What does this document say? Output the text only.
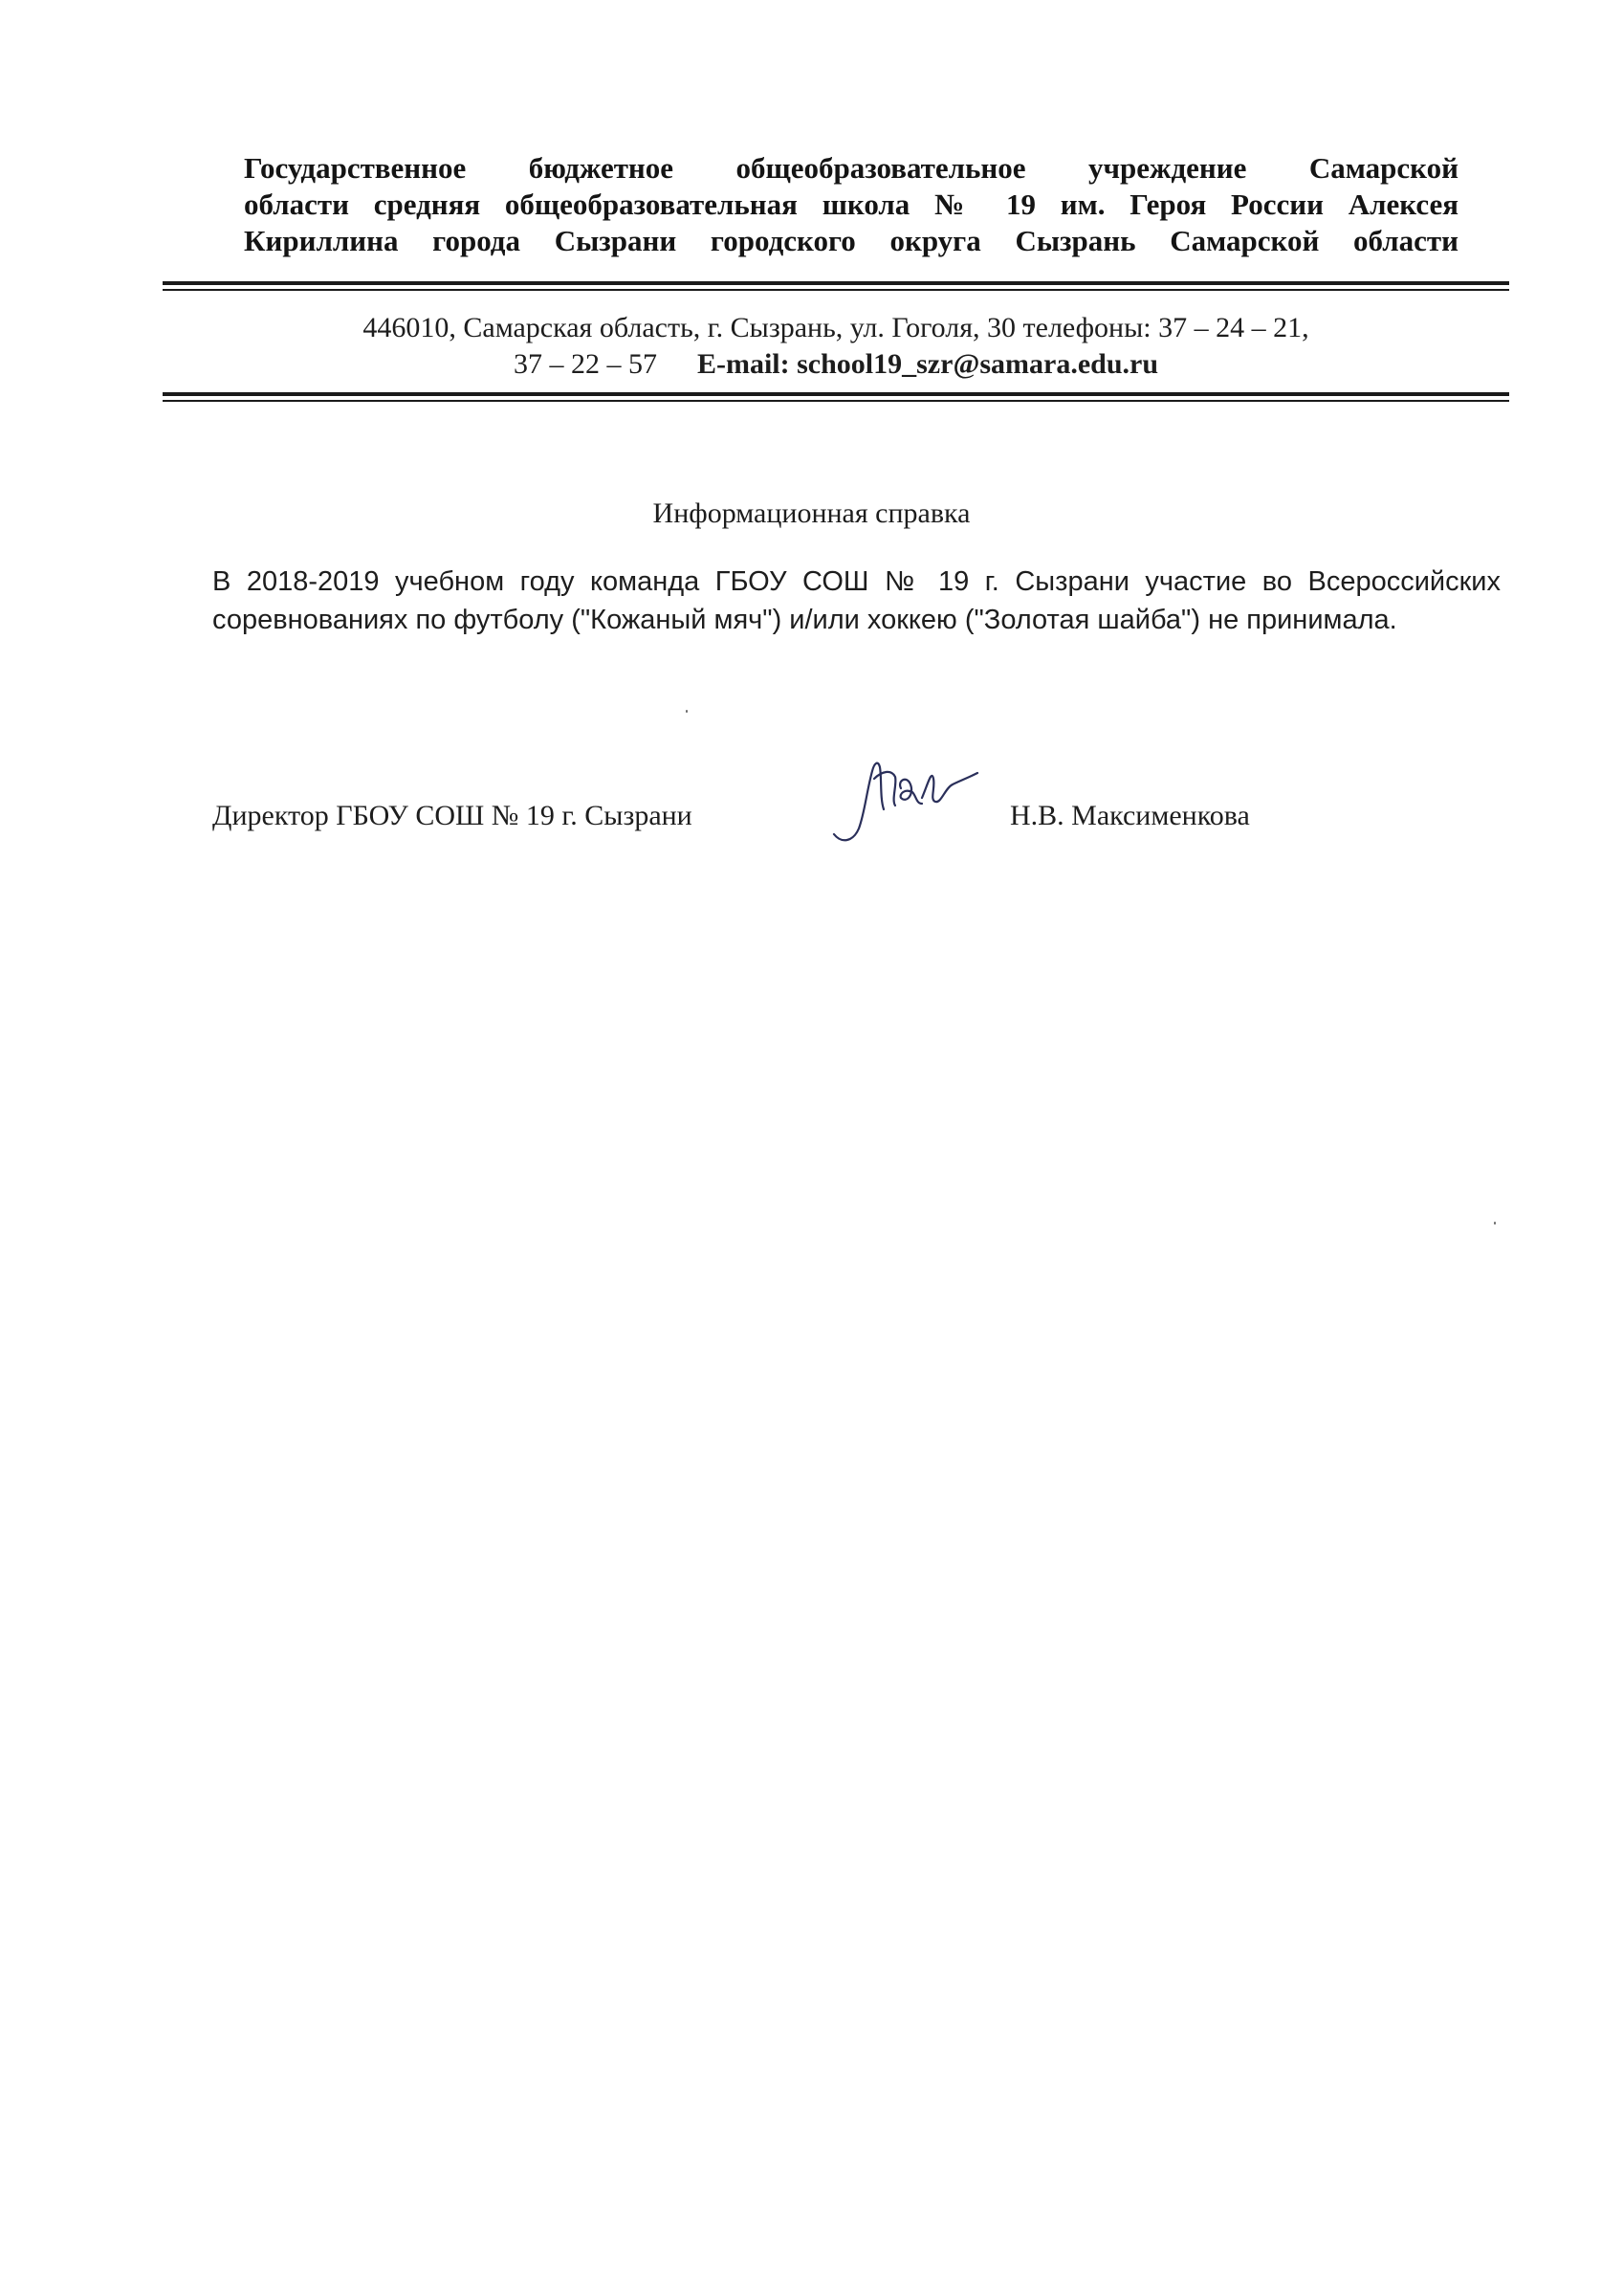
Государственное бюджетное общеобразовательное учреждение Самарской
области средняя общеобразовательная школа № 19 им. Героя России Алексея
Кириллина города Сызрани городского округа Сызрань Самарской области
446010, Самарская область, г. Сызрань, ул. Гоголя, 30 телефоны: 37 – 24 – 21,
37 – 22 – 57 E-mail: school19_szr@samara.edu.ru
Информационная справка
В 2018-2019 учебном году команда ГБОУ СОШ № 19 г. Сызрани участие во Всероссийских соревнованиях по футболу ("Кожаный мяч") и/или хоккею ("Золотая шайба") не принимала.
Директор ГБОУ СОШ № 19 г. Сызрани	Н.В. Максименкова
